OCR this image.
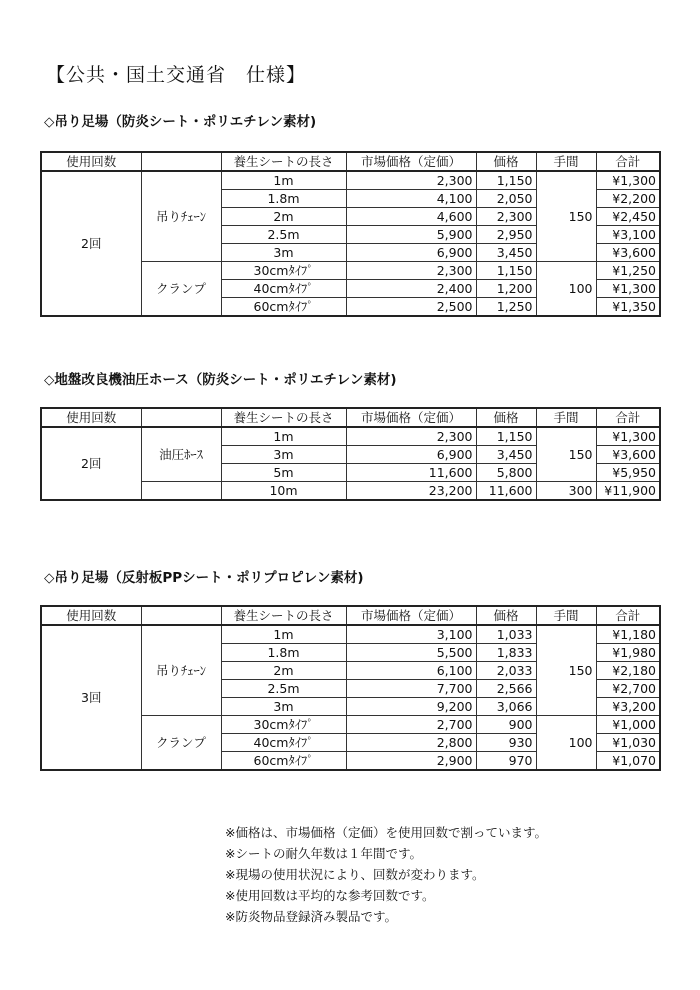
【公共・国土交通省　仕様】
◇吊り足場（防炎シート・ポリエチレン素材)
使用回数		養生シートの長さ	市場価格（定価）	価格	手間	合計
2回	吊りﾁｪｰﾝ	1m	2,300	1,150	150	¥1,300
		1.8m	4,100	2,050		¥2,200
		2m	4,600	2,300		¥2,450
		2.5m	5,900	2,950		¥3,100
		3m	6,900	3,450		¥3,600
	クランプ	30cmﾀｲﾌﾟ	2,300	1,150	100	¥1,250
		40cmﾀｲﾌﾟ	2,400	1,200		¥1,300
		60cmﾀｲﾌﾟ	2,500	1,250		¥1,350
◇地盤改良機油圧ホース（防炎シート・ポリエチレン素材)
使用回数		養生シートの長さ	市場価格（定価）	価格	手間	合計
2回	油圧ﾎｰｽ	1m	2,300	1,150	150	¥1,300
		3m	6,900	3,450		¥3,600
		5m	11,600	5,800		¥5,950
		10m	23,200	11,600	300	¥11,900
◇吊り足場（反射板PPシート・ポリプロピレン素材)
使用回数		養生シートの長さ	市場価格（定価）	価格	手間	合計
3回	吊りﾁｪｰﾝ	1m	3,100	1,033	150	¥1,180
		1.8m	5,500	1,833		¥1,980
		2m	6,100	2,033		¥2,180
		2.5m	7,700	2,566		¥2,700
		3m	9,200	3,066		¥3,200
	クランプ	30cmﾀｲﾌﾟ	2,700	900	100	¥1,000
		40cmﾀｲﾌﾟ	2,800	930		¥1,030
		60cmﾀｲﾌﾟ	2,900	970		¥1,070
※価格は、市場価格（定価）を使用回数で割っています。
※シートの耐久年数は１年間です。
※現場の使用状況により、回数が変わります。
※使用回数は平均的な参考回数です。
※防炎物品登録済み製品です。
